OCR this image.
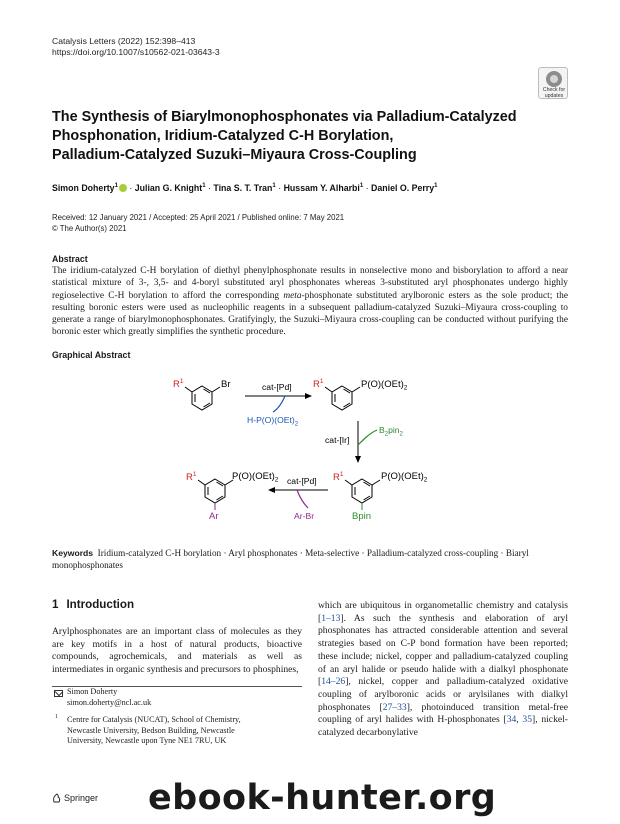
Catalysis Letters (2022) 152:398–413
https://doi.org/10.1007/s10562-021-03643-3
Check for
updates
The Synthesis of Biarylmonophosphonates via Palladium-Catalyzed
Phosphonation, Iridium-Catalyzed C-H Borylation,
Palladium-Catalyzed Suzuki–Miyaura Cross-Coupling
Simon Doherty$^1$ · Julian G. Knight$^1$ · Tina S. T. Tran$^1$ · Hussam Y. Alharbi$^1$ · Daniel O. Perry$^1$
Received: 12 January 2021 / Accepted: 25 April 2021 / Published online: 7 May 2021
© The Author(s) 2021
Abstract
The iridium-catalyzed C-H borylation of diethyl phenylphosphonate results in nonselective mono and bisborylation to afford a near statistical mixture of 3-, 3,5- and 4-boryl substituted aryl phosphonates whereas 3-substituted aryl phosphonates undergo highly regioselective C-H borylation to afford the corresponding meta-phosphonate substituted arylboronic esters as the sole product; the resulting boronic esters were used as nucleophilic reagents in a subsequent palladium-catalyzed Suzuki–Miyaura cross-coupling to generate a range of biarylmonophosphonates. Gratifyingly, the Suzuki–Miyaura cross-coupling can be conducted without purifying the boronic ester which greatly simplifies the synthetic procedure.
Graphical Abstract
$R^1$	Br	cat-[Pd]
$H-P(O)(OEt)_2$
$R^1$	$P(O)(OEt)_2$
cat-[Ir]
$B_2pin_2$
$R^1$	$P(O)(OEt)_2$
Bpin
cat-[Pd]
Ar-Br
$R^1$	$P(O)(OEt)_2$
Ar
Keywords Iridium-catalyzed C-H borylation · Aryl phosphonates · Meta-selective · Palladium-catalyzed cross-coupling · Biaryl monophosphonates
1 Introduction
Arylphosphonates are an important class of molecules as they are key motifs in a host of natural products, bioactive compounds, agrochemicals, and materials as well as intermediates in organic synthesis and precursors to phosphines,
which are ubiquitous in organometallic chemistry and catalysis [1–13]. As such the synthesis and elaboration of aryl phosphonates has attracted considerable attention and several strategies based on C-P bond formation have been reported; these include; nickel, copper and palladium-catalyzed coupling of an aryl halide or pseudo halide with a dialkyl phosphonate [14–26], nickel, copper and palladium-catalyzed oxidative coupling of arylboronic acids or arylsilanes with dialkyl phosphonates [27–33], photoinduced transition metal-free coupling of aryl halides with H-phosphonates [34, 35], nickel-catalyzed decarbonylative
Simon Doherty
simon.doherty@ncl.ac.uk
1 Centre for Catalysis (NUCAT), School of Chemistry,
Newcastle University, Bedson Building, Newcastle
University, Newcastle upon Tyne NE1 7RU, UK
Springer ebook-hunter.org
